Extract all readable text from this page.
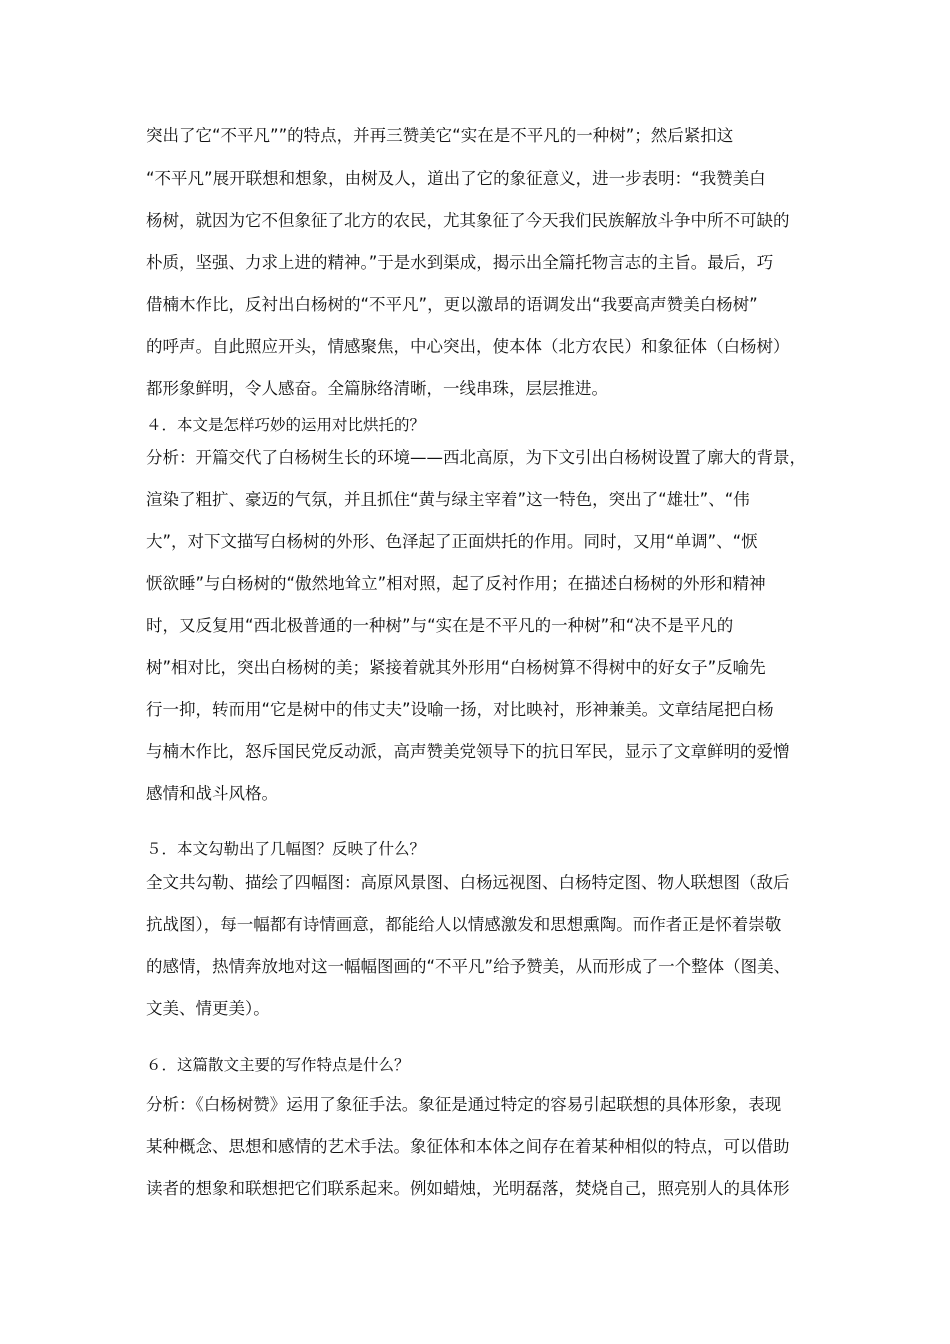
突出了它“不平凡””的特点，并再三赞美它“实在是不平凡的一种树”；然后紧扣这
“不平凡”展开联想和想象，由树及人，道出了它的象征意义，进一步表明：“我赞美白
杨树，就因为它不但象征了北方的农民，尤其象征了今天我们民族解放斗争中所不可缺的
朴质，坚强、力求上进的精神。”于是水到渠成，揭示出全篇托物言志的主旨。最后，巧
借楠木作比，反衬出白杨树的“不平凡”，更以激昂的语调发出“我要高声赞美白杨树”
的呼声。自此照应开头，情感聚焦，中心突出，使本体（北方农民）和象征体（白杨树）
都形象鲜明，令人感奋。全篇脉络清晰，一线串珠，层层推进。
４．本文是怎样巧妙的运用对比烘托的？
分析：开篇交代了白杨树生长的环境——西北高原，为下文引出白杨树设置了廓大的背景，
渲染了粗扩、豪迈的气氛，并且抓住“黄与绿主宰着”这一特色，突出了“雄壮”、“伟
大”，对下文描写白杨树的外形、色泽起了正面烘托的作用。同时，又用“单调”、“恹
恹欲睡”与白杨树的“傲然地耸立”相对照，起了反衬作用；在描述白杨树的外形和精神
时，又反复用“西北极普通的一种树”与“实在是不平凡的一种树”和“决不是平凡的
树”相对比，突出白杨树的美；紧接着就其外形用“白杨树算不得树中的好女子”反喻先
行一抑，转而用“它是树中的伟丈夫”设喻一扬，对比映衬，形神兼美。文章结尾把白杨
与楠木作比，怒斥国民党反动派，高声赞美党领导下的抗日军民，显示了文章鲜明的爱憎
感情和战斗风格。
５．本文勾勒出了几幅图？反映了什么？
全文共勾勒、描绘了四幅图：高原风景图、白杨远视图、白杨特定图、物人联想图（敌后
抗战图），每一幅都有诗情画意，都能给人以情感激发和思想熏陶。而作者正是怀着崇敬
的感情，热情奔放地对这一幅幅图画的“不平凡”给予赞美，从而形成了一个整体（图美、
文美、情更美）。
６．这篇散文主要的写作特点是什么？
分析：《白杨树赞》运用了象征手法。象征是通过特定的容易引起联想的具体形象，表现
某种概念、思想和感情的艺术手法。象征体和本体之间存在着某种相似的特点，可以借助
读者的想象和联想把它们联系起来。例如蜡烛，光明磊落，焚烧自己，照亮别人的具体形
